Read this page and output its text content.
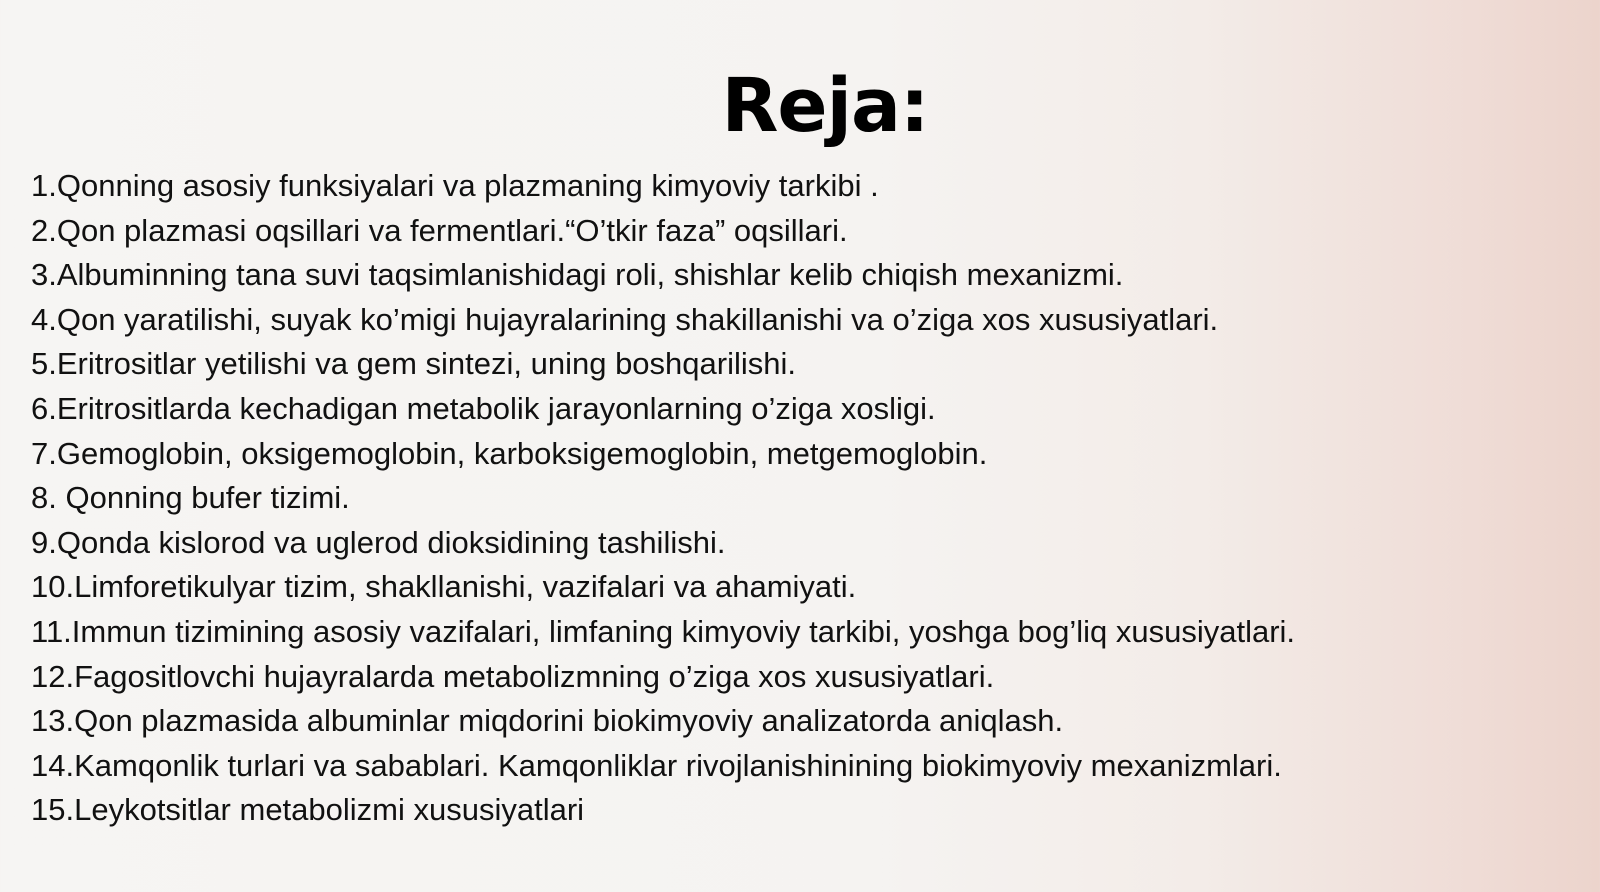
Reja:
1.Qonning asosiy funksiyalari va plazmaning kimyoviy tarkibi .
2.Qon plazmasi oqsillari va fermentlari.“O’tkir faza” oqsillari.
3.Albuminning tana suvi taqsimlanishidagi roli, shishlar kelib chiqish mexanizmi.
4.Qon yaratilishi, suyak ko’migi hujayralarining shakillanishi va o’ziga xos xususiyatlari.
5.Eritrositlar yetilishi va gem sintezi, uning boshqarilishi.
6.Eritrositlarda kechadigan metabolik jarayonlarning o’ziga xosligi.
7.Gemoglobin, oksigemoglobin, karboksigemoglobin, metgemoglobin.
8. Qonning bufer tizimi.
9.Qonda kislorod va uglerod dioksidining tashilishi.
10.Limforetikulyar tizim, shakllanishi, vazifalari va ahamiyati.
11.Immun tizimining asosiy vazifalari, limfaning kimyoviy tarkibi, yoshga bog’liq xususiyatlari.
12.Fagositlovchi hujayralarda metabolizmning o’ziga xos xususiyatlari.
13.Qon plazmasida albuminlar miqdorini biokimyoviy analizatorda aniqlash.
14.Kamqonlik turlari va sabablari. Kamqonliklar rivojlanishinining biokimyoviy mexanizmlari.
15.Leykotsitlar metabolizmi xususiyatlari
